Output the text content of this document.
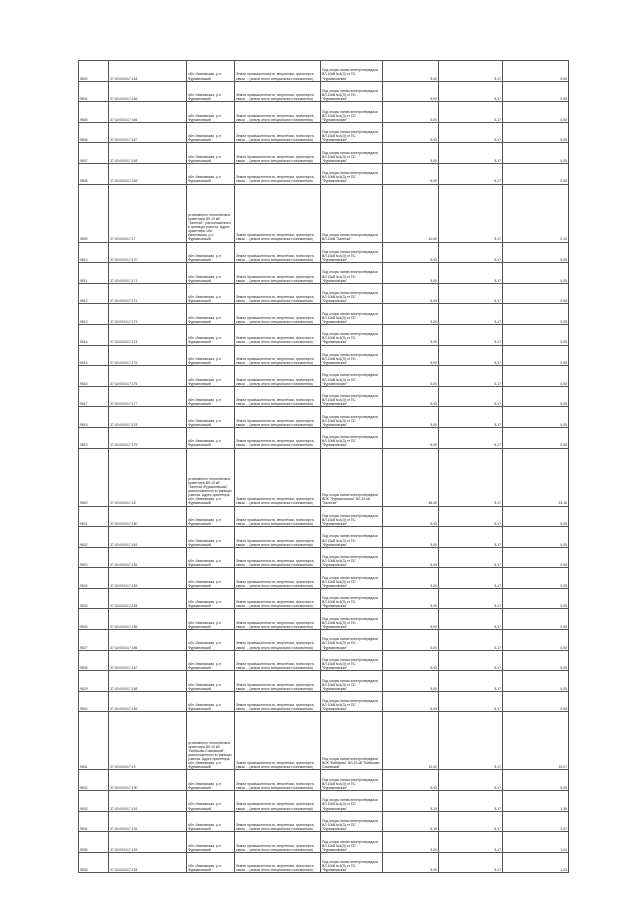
9803	37:02:000417:164	обл. Ивановская, р-н Фурмановский	Земли промышленности, энергетики, транспорта, связи ... (земли иного специального назначения)	Под опоры линии электропередачи ВЛ-10кВ №4(3) от ПС "Фурмановская"	5,00	5,17	0,05
9804	37:02:000417:165	обл. Ивановская, р-н Фурмановский	Земли промышленности, энергетики, транспорта, связи ... (земли иного специального назначения)	Под опоры линии электропередачи ВЛ-10кВ №4(3) от ПС "Фурмановская"	5,00	5,17	0,05
9805	37:02:000417:166	обл. Ивановская, р-н Фурмановский	Земли промышленности, энергетики, транспорта, связи ... (земли иного специального назначения)	Под опоры линии электропередачи ВЛ-10кВ №4(3) от ПС "Фурмановская"	5,00	5,17	0,05
9806	37:02:000417:167	обл. Ивановская, р-н Фурмановский	Земли промышленности, энергетики, транспорта, связи ... (земли иного специального назначения)	Под опоры линии электропередачи ВЛ-10кВ №4(3) от ПС "Фурмановская"	5,00	5,17	0,05
9807	37:02:000417:168	обл. Ивановская, р-н Фурмановский	Земли промышленности, энергетики, транспорта, связи ... (земли иного специального назначения)	Под опоры линии электропередачи ВЛ-10кВ №4(3) от ПС "Фурмановская"	5,00	5,17	0,05
9808	37:02:000417:169	обл. Ивановская, р-н Фурмановский	Земли промышленности, энергетики, транспорта, связи ... (земли иного специального назначения)	Под опоры линии электропередачи ВЛ-10кВ №4(3) от ПС "Фурмановская"	5,00	5,17	0,05
9809	37:02:000417:17	установлено относительно ориентира ВЛ-10 кВ "Залесье", расположенного в границах участка. Адрес ориентира: обл. Ивановская, р-н Фурмановский	Земли промышленности, энергетики, транспорта, связи ... (земли иного специального назначения)	Под опоры линии электропередачи ВЛ-10кВ "Залесье"	10,00	5,17	0,10
9810	37:02:000417:170	обл. Ивановская, р-н Фурмановский	Земли промышленности, энергетики, транспорта, связи ... (земли иного специального назначения)	Под опоры линии электропередачи ВЛ-10кВ №4(3) от ПС "Фурмановская"	5,00	5,17	0,05
9811	37:02:000417:171	обл. Ивановская, р-н Фурмановский	Земли промышленности, энергетики, транспорта, связи ... (земли иного специального назначения)	Под опоры линии электропередачи ВЛ-10кВ №4(3) от ПС "Фурмановская"	5,00	5,17	0,05
9812	37:02:000417:172	обл. Ивановская, р-н Фурмановский	Земли промышленности, энергетики, транспорта, связи ... (земли иного специального назначения)	Под опоры линии электропередачи ВЛ-10кВ №4(3) от ПС "Фурмановская"	5,00	5,17	0,05
9813	37:02:000417:173	обл. Ивановская, р-н Фурмановский	Земли промышленности, энергетики, транспорта, связи ... (земли иного специального назначения)	Под опоры линии электропередачи ВЛ-10кВ №4(3) от ПС "Фурмановская"	5,00	5,17	0,05
9814	37:02:000417:174	обл. Ивановская, р-н Фурмановский	Земли промышленности, энергетики, транспорта, связи ... (земли иного специального назначения)	Под опоры линии электропередачи ВЛ-10кВ №4(3) от ПС "Фурмановская"	5,00	5,17	0,05
9815	37:02:000417:175	обл. Ивановская, р-н Фурмановский	Земли промышленности, энергетики, транспорта, связи ... (земли иного специального назначения)	Под опоры линии электропередачи ВЛ-10кВ №4(3) от ПС "Фурмановская"	5,00	5,17	0,05
9816	37:02:000417:176	обл. Ивановская, р-н Фурмановский	Земли промышленности, энергетики, транспорта, связи ... (земли иного специального назначения)	Под опоры линии электропередачи ВЛ-10кВ №4(3) от ПС "Фурмановская"	5,00	5,17	0,05
9817	37:02:000417:177	обл. Ивановская, р-н Фурмановский	Земли промышленности, энергетики, транспорта, связи ... (земли иного специального назначения)	Под опоры линии электропередачи ВЛ-10кВ №4(3) от ПС "Фурмановская"	5,00	5,17	0,05
9818	37:02:000417:178	обл. Ивановская, р-н Фурмановский	Земли промышленности, энергетики, транспорта, связи ... (земли иного специального назначения)	Под опоры линии электропередачи ВЛ-10кВ №4(3) от ПС "Фурмановская"	5,00	5,17	0,05
9819	37:02:000417:179	обл. Ивановская, р-н Фурмановский	Земли промышленности, энергетики, транспорта, связи ... (земли иного специального назначения)	Под опоры линии электропередачи ВЛ-10кВ №4(3) от ПС "Фурмановская"	5,00	5,17	0,05
9820	37:02:000417:18	установлено относительно ориентира ВЛ-10 кВ "Залесье-Фурмановская", расположенного в границах участка. Адрес ориентира: обл. Ивановская, р-н Фурмановский	Земли промышленности, энергетики, транспорта, связи ... (земли иного специального назначения)	Под опоры линии электропередачи ВОК "Фурмановская" ВЛ-10 кВ "Залесье"	48,00	5,17	24,16
9821	37:02:000417:180	обл. Ивановская, р-н Фурмановский	Земли промышленности, энергетики, транспорта, связи ... (земли иного специального назначения)	Под опоры линии электропередачи ВЛ-10кВ №4(3) от ПС "Фурмановская"	5,00	5,17	0,05
9822	37:02:000417:181	обл. Ивановская, р-н Фурмановский	Земли промышленности, энергетики, транспорта, связи ... (земли иного специального назначения)	Под опоры линии электропередачи ВЛ-10кВ №4(3) от ПС "Фурмановская"	5,00	5,17	0,05
9823	37:02:000417:182	обл. Ивановская, р-н Фурмановский	Земли промышленности, энергетики, транспорта, связи ... (земли иного специального назначения)	Под опоры линии электропередачи ВЛ-10кВ №4(3) от ПС "Фурмановская"	5,00	5,17	0,05
9824	37:02:000417:183	обл. Ивановская, р-н Фурмановский	Земли промышленности, энергетики, транспорта, связи ... (земли иного специального назначения)	Под опоры линии электропередачи ВЛ-10кВ №4(3) от ПС "Фурмановская"	5,00	5,17	0,05
9825	37:02:000417:184	обл. Ивановская, р-н Фурмановский	Земли промышленности, энергетики, транспорта, связи ... (земли иного специального назначения)	Под опоры линии электропередачи ВЛ-10кВ №4(3) от ПС "Фурмановская"	5,00	5,17	0,05
9826	37:02:000417:185	обл. Ивановская, р-н Фурмановский	Земли промышленности, энергетики, транспорта, связи ... (земли иного специального назначения)	Под опоры линии электропередачи ВЛ-10кВ №4(3) от ПС "Фурмановская"	5,00	5,17	0,05
9827	37:02:000417:186	обл. Ивановская, р-н Фурмановский	Земли промышленности, энергетики, транспорта, связи ... (земли иного специального назначения)	Под опоры линии электропередачи ВЛ-10кВ №4(3) от ПС "Фурмановская"	5,00	5,17	0,05
9828	37:02:000417:187	обл. Ивановская, р-н Фурмановский	Земли промышленности, энергетики, транспорта, связи ... (земли иного специального назначения)	Под опоры линии электропередачи ВЛ-10кВ №4(3) от ПС "Фурмановская"	5,00	5,17	0,05
9829	37:02:000417:188	обл. Ивановская, р-н Фурмановский	Земли промышленности, энергетики, транспорта, связи ... (земли иного специального назначения)	Под опоры линии электропередачи ВЛ-10кВ №4(3) от ПС "Фурмановская"	5,00	5,17	0,05
9830	37:02:000417:189	обл. Ивановская, р-н Фурмановский	Земли промышленности, энергетики, транспорта, связи ... (земли иного специального назначения)	Под опоры линии электропередачи ВЛ-10кВ №4(3) от ПС "Фурмановская"	5,00	5,17	0,05
9831	37:02:000417:19	установлено относительно ориентира ВЛ-10 кВ "Бибиково-Сомовский", расположенного в границах участка. Адрес ориентира: обл. Ивановская, р-н Фурмановский	Земли промышленности, энергетики, транспорта, связи ... (земли иного специального назначения)	Под опоры линии электропередачи ВОК "Бибиково" ВЛ-10 кВ "Бибиково-Сомовский"	12,00	5,17	15,07
9832	37:02:000417:190	обл. Ивановская, р-н Фурмановский	Земли промышленности, энергетики, транспорта, связи ... (земли иного специального назначения)	Под опоры линии электропередачи ВЛ-10кВ №4(3) от ПС "Фурмановская"	5,00	5,17	0,05
9833	37:02:000417:191	обл. Ивановская, р-н Фурмановский	Земли промышленности, энергетики, транспорта, связи ... (земли иного специального назначения)	Под опоры линии электропередачи ВЛ-10кВ №4(3) от ПС "Фурмановская"	5,10	5,17	1,36
9834	37:02:000417:192	обл. Ивановская, р-н Фурмановский	Земли промышленности, энергетики, транспорта, связи ... (земли иного специального назначения)	Под опоры линии электропередачи ВЛ-10кВ №4(3) от ПС "Фурмановская"	5,10	5,17	2,47
9835	37:02:000417:193	обл. Ивановская, р-н Фурмановский	Земли промышленности, энергетики, транспорта, связи ... (земли иного специального назначения)	Под опоры линии электропередачи ВЛ-10кВ №4(3) от ПС "Фурмановская"	5,00	5,17	1,04
9836	37:02:000417:194	обл. Ивановская, р-н Фурмановский	Земли промышленности, энергетики, транспорта, связи ... (земли иного специального назначения)	Под опоры линии электропередачи ВЛ-10кВ №4(3) от ПС "Фурмановская"	5,00	5,17	1,24
